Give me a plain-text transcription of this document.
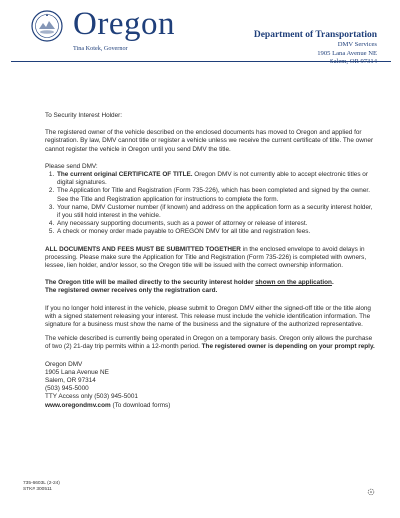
Oregon
Tina Kotek, Governor
Department of Transportation
DMV Services
1905 Lana Avenue NE
Salem, OR 97314

To Security Interest Holder:

The registered owner of the vehicle described on the enclosed documents has moved to Oregon and applied for registration. By law, DMV cannot title or register a vehicle unless we receive the current certificate of title. The owner cannot register the vehicle in Oregon until you send DMV the title.

Please send DMV:

1. The current original CERTIFICATE OF TITLE. Oregon DMV is not currently able to accept electronic titles or digital signatures.
2. The Application for Title and Registration (Form 735-226), which has been completed and signed by the owner. See the Title and Registration application for instructions to complete the form.
3. Your name, DMV Customer number (if known) and address on the application form as a security interest holder, if you still hold interest in the vehicle.
4. Any necessary supporting documents, such as a power of attorney or release of interest.
5. A check or money order made payable to OREGON DMV for all title and registration fees.

ALL DOCUMENTS AND FEES MUST BE SUBMITTED TOGETHER in the enclosed envelope to avoid delays in processing. Please make sure the Application for Title and Registration (Form 735-226) is completed with owners, lessee, lien holder, and/or lessor, so the Oregon title will be issued with the correct ownership information.

The Oregon title will be mailed directly to the security interest holder shown on the application.
The registered owner receives only the registration card.

If you no longer hold interest in the vehicle, please submit to Oregon DMV either the signed-off title or the title along with a signed statement releasing your interest. This release must include the vehicle identification information. The signature for a business must show the name of the business and the signature of the authorized representative.

The vehicle described is currently being operated in Oregon on a temporary basis. Oregon only allows the purchase of two (2) 21-day trip permits within a 12-month period. The registered owner is depending on your prompt reply.

Oregon DMV
1905 Lana Avenue NE
Salem, OR 97314
(503) 945-5000
TTY Access only (503) 945-5001
www.oregondmv.com (To download forms)
735-6603L (2-24)
STK# 300511
